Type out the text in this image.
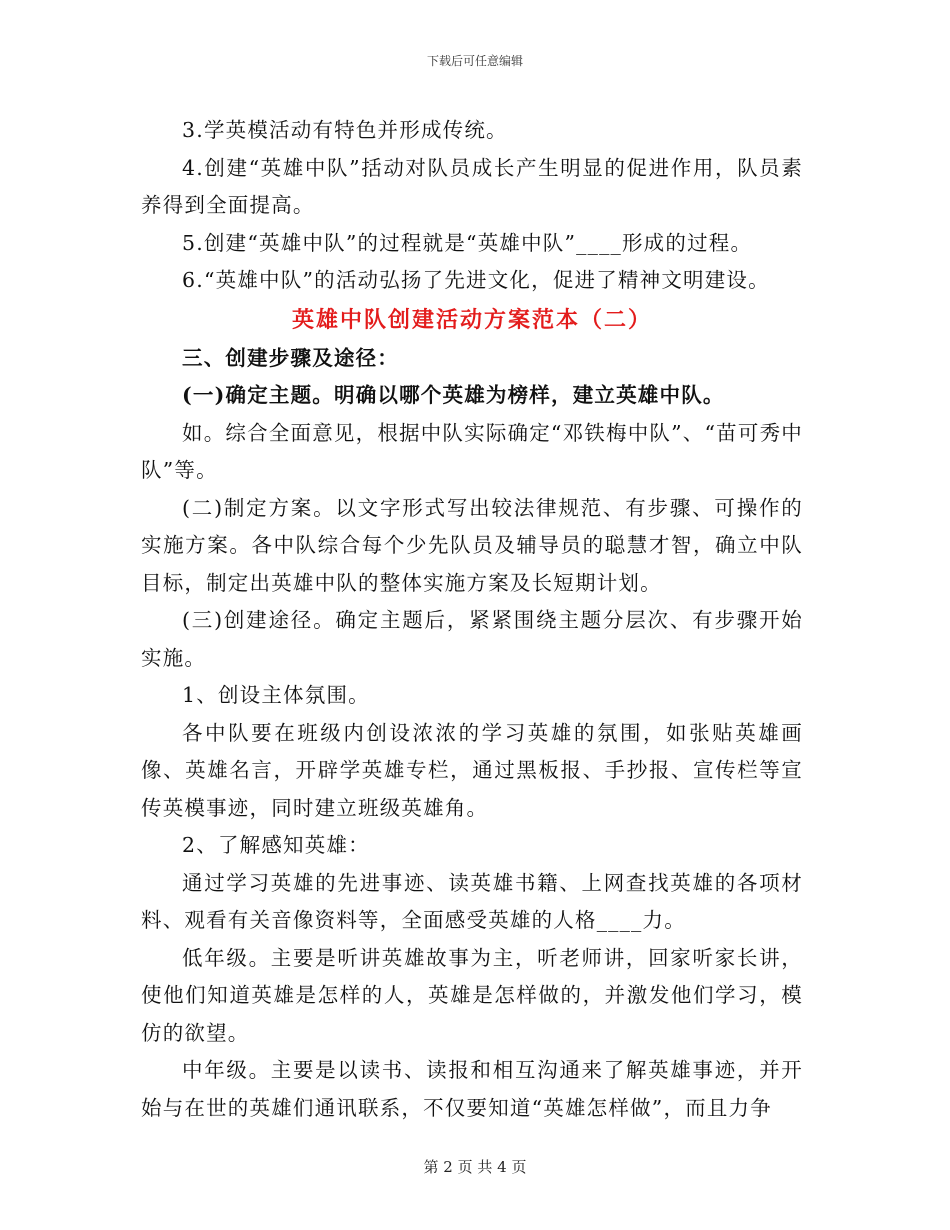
下载后可任意编辑

3.学英模活动有特色并形成传统。

4.创建“英雄中队”括动对队员成长产生明显的促进作用，队员素养得到全面提高。

5.创建“英雄中队”的过程就是“英雄中队”____形成的过程。

6.“英雄中队”的活动弘扬了先进文化，促进了精神文明建设。

英雄中队创建活动方案范本（二）

三、创建步骤及途径：

(一)确定主题。明确以哪个英雄为榜样，建立英雄中队。

如。综合全面意见，根据中队实际确定“邓铁梅中队”、“苗可秀中队”等。

(二)制定方案。以文字形式写出较法律规范、有步骤、可操作的实施方案。各中队综合每个少先队员及辅导员的聪慧才智，确立中队目标，制定出英雄中队的整体实施方案及长短期计划。

(三)创建途径。确定主题后，紧紧围绕主题分层次、有步骤开始实施。

1、创设主体氛围。

各中队要在班级内创设浓浓的学习英雄的氛围，如张贴英雄画像、英雄名言，开辟学英雄专栏，通过黑板报、手抄报、宣传栏等宣传英模事迹，同时建立班级英雄角。

2、了解感知英雄：

通过学习英雄的先进事迹、读英雄书籍、上网查找英雄的各项材料、观看有关音像资料等，全面感受英雄的人格____力。

低年级。主要是听讲英雄故事为主，听老师讲，回家听家长讲，使他们知道英雄是怎样的人，英雄是怎样做的，并激发他们学习，模仿的欲望。

中年级。主要是以读书、读报和相互沟通来了解英雄事迹，并开始与在世的英雄们通讯联系，不仅要知道“英雄怎样做”，而且力争

第 2 页 共 4 页
